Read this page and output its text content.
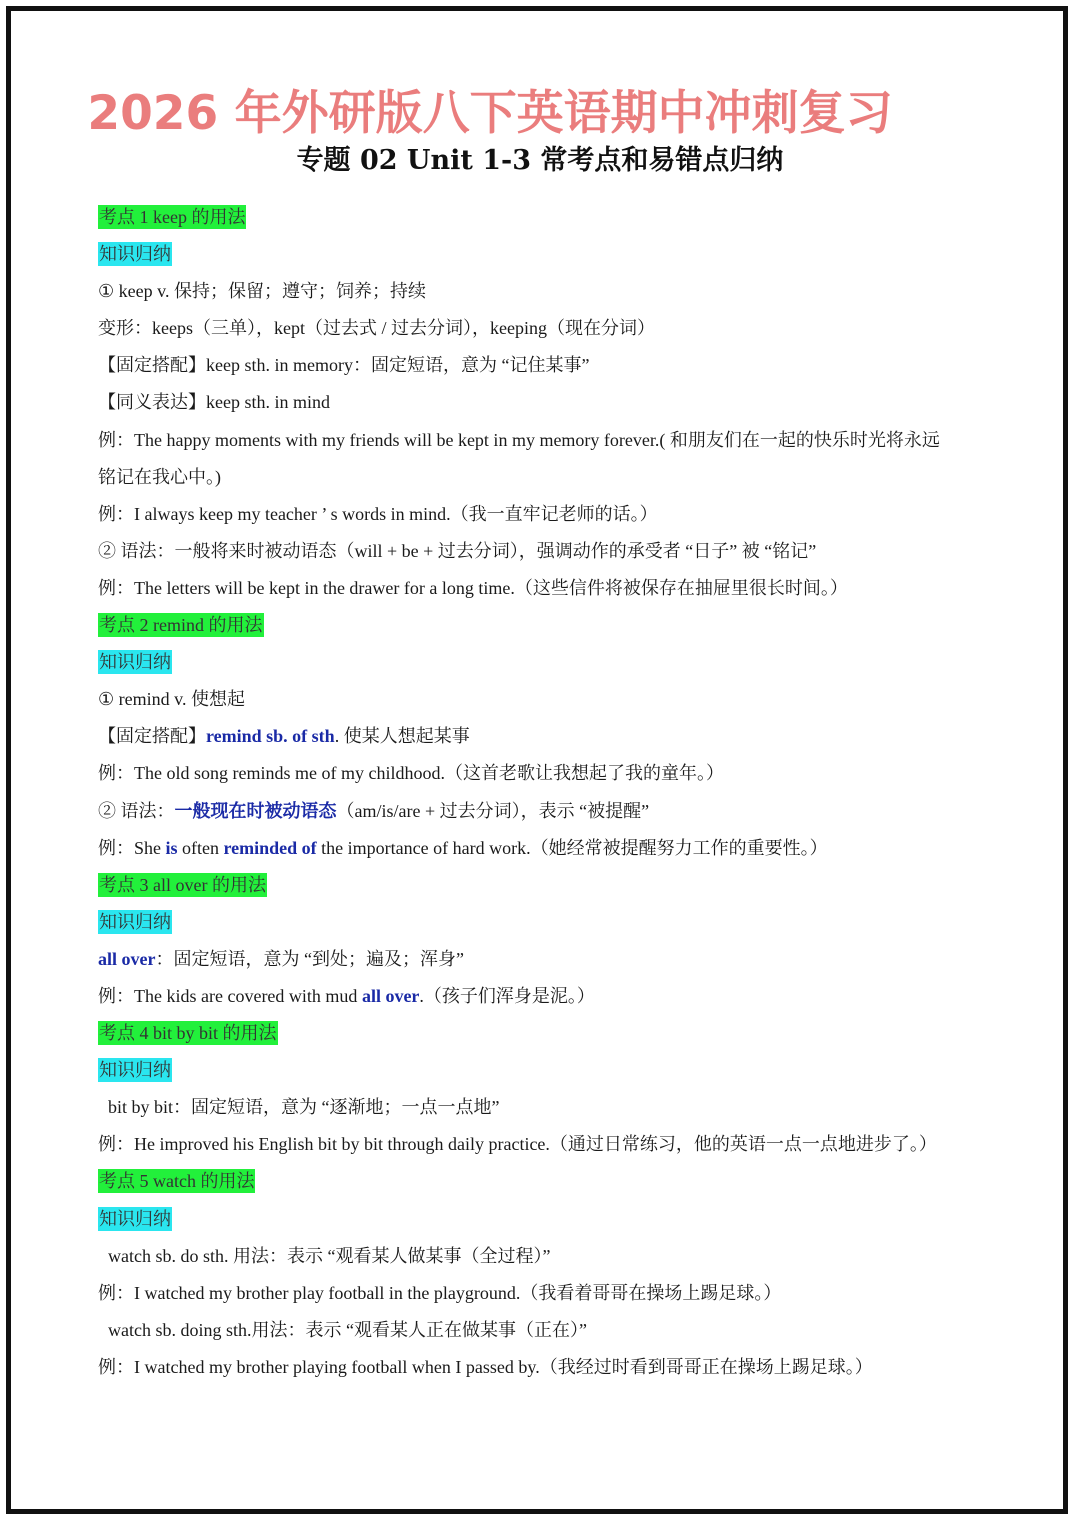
2026 年外研版八下英语期中冲刺复习
专题 02 Unit 1-3 常考点和易错点归纳
考点 1 keep 的用法
知识归纳
① keep v. 保持；保留；遵守；饲养；持续
变形：keeps（三单），kept（过去式 / 过去分词），keeping（现在分词）
【固定搭配】keep sth. in memory：固定短语，意为 “记住某事”
【同义表达】keep sth. in mind
例：The happy moments with my friends will be kept in my memory forever.( 和朋友们在一起的快乐时光将永远
铭记在我心中。)
例：I always keep my teacher ’ s words in mind.（我一直牢记老师的话。）
② 语法：一般将来时被动语态（will + be + 过去分词），强调动作的承受者 “日子” 被 “铭记”
例：The letters will be kept in the drawer for a long time.（这些信件将被保存在抽屉里很长时间。）
考点 2 remind 的用法
知识归纳
① remind v. 使想起
【固定搭配】remind sb. of sth. 使某人想起某事
例：The old song reminds me of my childhood.（这首老歌让我想起了我的童年。）
② 语法：一般现在时被动语态（am/is/are + 过去分词），表示 “被提醒”
例：She is often reminded of the importance of hard work.（她经常被提醒努力工作的重要性。）
考点 3 all over 的用法
知识归纳
all over：固定短语，意为 “到处；遍及；浑身”
例：The kids are covered with mud all over.（孩子们浑身是泥。）
考点 4 bit by bit 的用法
知识归纳
bit by bit：固定短语，意为 “逐渐地；一点一点地”
例：He improved his English bit by bit through daily practice.（通过日常练习，他的英语一点一点地进步了。）
考点 5 watch 的用法
知识归纳
watch sb. do sth. 用法：表示 “观看某人做某事（全过程）”
例：I watched my brother play football in the playground.（我看着哥哥在操场上踢足球。）
watch sb. doing sth.用法：表示 “观看某人正在做某事（正在）”
例：I watched my brother playing football when I passed by.（我经过时看到哥哥正在操场上踢足球。）
